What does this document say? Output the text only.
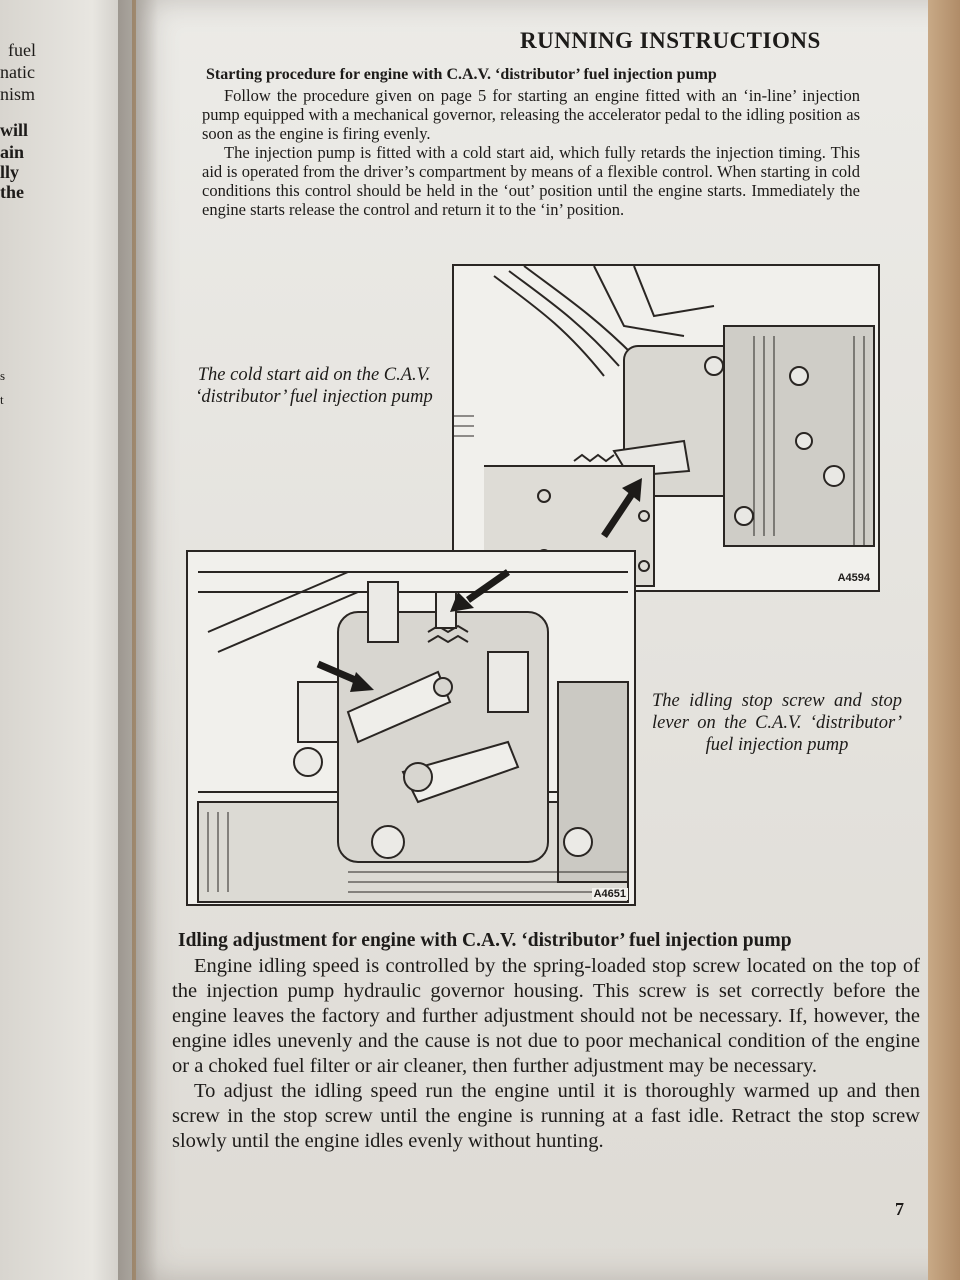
fuel
natic
nism
will
ain
lly
the
s
t
RUNNING INSTRUCTIONS
Starting procedure for engine with C.A.V. ‘distributor’ fuel injection pump

Follow the procedure given on page 5 for starting an engine fitted with an ‘in-line’ injection pump equipped with a mechanical governor, releasing the accelerator pedal to the idling position as soon as the engine is firing evenly.

The injection pump is fitted with a cold start aid, which fully retards the injection timing. This aid is operated from the driver’s compartment by means of a flexible control. When starting in cold conditions this control should be held in the ‘out’ position until the engine starts. Immediately the engine starts release the control and return it to the ‘in’ position.

A4594
The cold start aid on the C.A.V. ‘distributor’ fuel injection pump
A4651
The idling stop screw and stop lever on the C.A.V. ‘distributor’ fuel injection pump
Idling adjustment for engine with C.A.V. ‘distributor’ fuel injection pump

Engine idling speed is controlled by the spring-loaded stop screw located on the top of the injection pump hydraulic governor housing. This screw is set correctly before the engine leaves the factory and further adjustment should not be necessary. If, however, the engine idles unevenly and the cause is not due to poor mechanical condition of the engine or a choked fuel filter or air cleaner, then further adjustment may be necessary.

To adjust the idling speed run the engine until it is thoroughly warmed up and then screw in the stop screw until the engine is running at a fast idle. Retract the stop screw slowly until the engine idles evenly without hunting.

7
